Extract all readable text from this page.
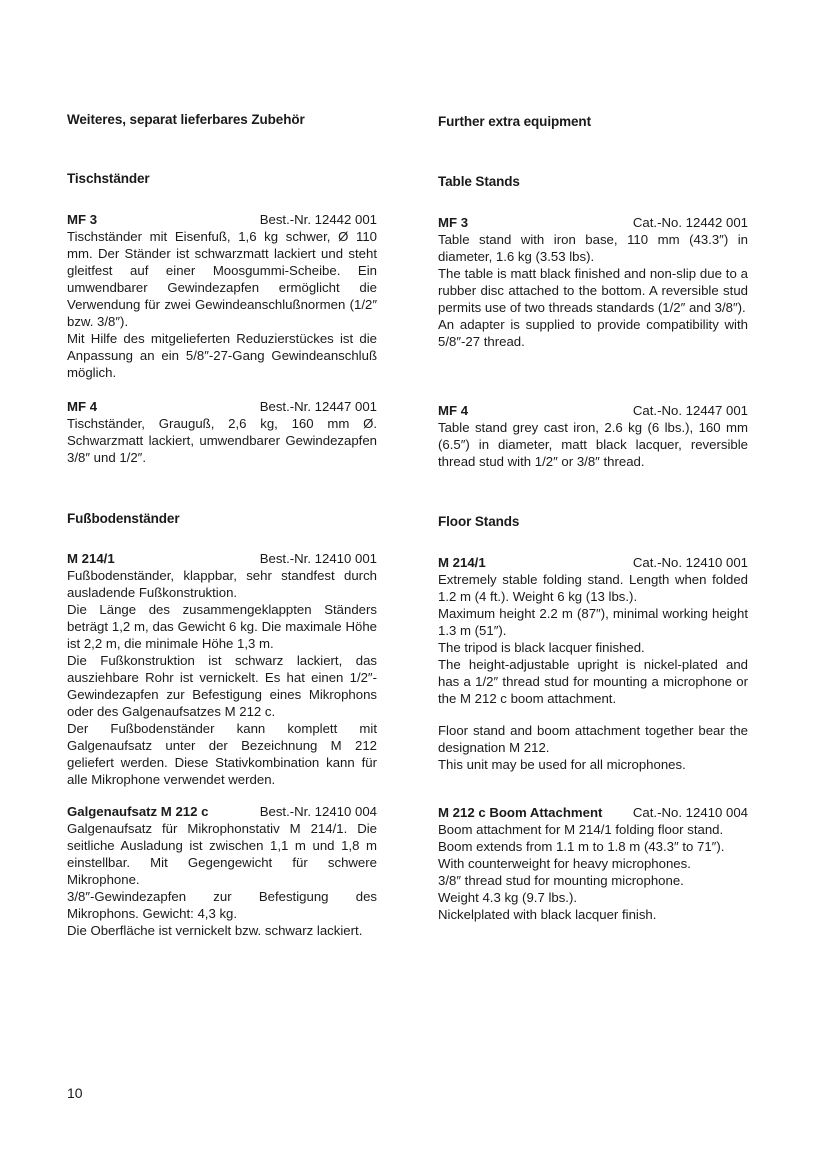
Weiteres, separat lieferbares Zubehör
Tischständer
MF 3	Best.-Nr. 12442 001

Tischständer mit Eisenfuß, 1,6 kg schwer, Ø 110 mm. Der Ständer ist schwarzmatt lackiert und steht gleitfest auf einer Moosgummi-Scheibe. Ein umwendbarer Gewindezapfen ermöglicht die Verwendung für zwei Gewindeanschlußnormen (1/2″ bzw. 3/8″).

Mit Hilfe des mitgelieferten Reduzierstückes ist die Anpassung an ein 5/8″-27-Gang Gewindeanschluß möglich.

MF 4	Best.-Nr. 12447 001

Tischständer, Grauguß, 2,6 kg, 160 mm Ø. Schwarzmatt lackiert, umwendbarer Gewindezapfen 3/8″ und 1/2″.

Fußbodenständer
M 214/1	Best.-Nr. 12410 001

Fußbodenständer, klappbar, sehr standfest durch ausladende Fußkonstruktion.

Die Länge des zusammengeklappten Ständers beträgt 1,2 m, das Gewicht 6 kg. Die maximale Höhe ist 2,2 m, die minimale Höhe 1,3 m.

Die Fußkonstruktion ist schwarz lackiert, das ausziehbare Rohr ist vernickelt. Es hat einen 1/2″-Gewindezapfen zur Befestigung eines Mikrophons oder des Galgenaufsatzes M 212 c.

Der Fußbodenständer kann komplett mit Galgenaufsatz unter der Bezeichnung M 212 geliefert werden. Diese Stativkombination kann für alle Mikrophone verwendet werden.

Galgenaufsatz M 212 c	Best.-Nr. 12410 004

Galgenaufsatz für Mikrophonstativ M 214/1. Die seitliche Ausladung ist zwischen 1,1 m und 1,8 m einstellbar. Mit Gegengewicht für schwere Mikrophone.

3/8″-Gewindezapfen zur Befestigung des Mikrophons. Gewicht: 4,3 kg.

Die Oberfläche ist vernickelt bzw. schwarz lackiert.

Further extra equipment
Table Stands
MF 3	Cat.-No. 12442 001

Table stand with iron base, 110 mm (43.3″) in diameter, 1.6 kg (3.53 lbs).

The table is matt black finished and non-slip due to a rubber disc attached to the bottom. A reversible stud permits use of two threads standards (1/2″ and 3/8″).

An adapter is supplied to provide compatibility with 5/8″-27 thread.

MF 4	Cat.-No. 12447 001

Table stand grey cast iron, 2.6 kg (6 lbs.), 160 mm (6.5″) in diameter, matt black lacquer, reversible thread stud with 1/2″ or 3/8″ thread.

Floor Stands
M 214/1	Cat.-No. 12410 001

Extremely stable folding stand. Length when folded 1.2 m (4 ft.). Weight 6 kg (13 lbs.).

Maximum height 2.2 m (87″), minimal working height 1.3 m (51″).

The tripod is black lacquer finished.

The height-adjustable upright is nickel-plated and has a 1/2″ thread stud for mounting a microphone or the M 212 c boom attachment.

Floor stand and boom attachment together bear the designation M 212.

This unit may be used for all microphones.

M 212 c Boom Attachment Cat.-No. 12410 004

Boom attachment for M 214/1 folding floor stand.

Boom extends from 1.1 m to 1.8 m (43.3″ to 71″).

With counterweight for heavy microphones.

3/8″ thread stud for mounting microphone.

Weight 4.3 kg (9.7 lbs.).

Nickelplated with black lacquer finish.

10
